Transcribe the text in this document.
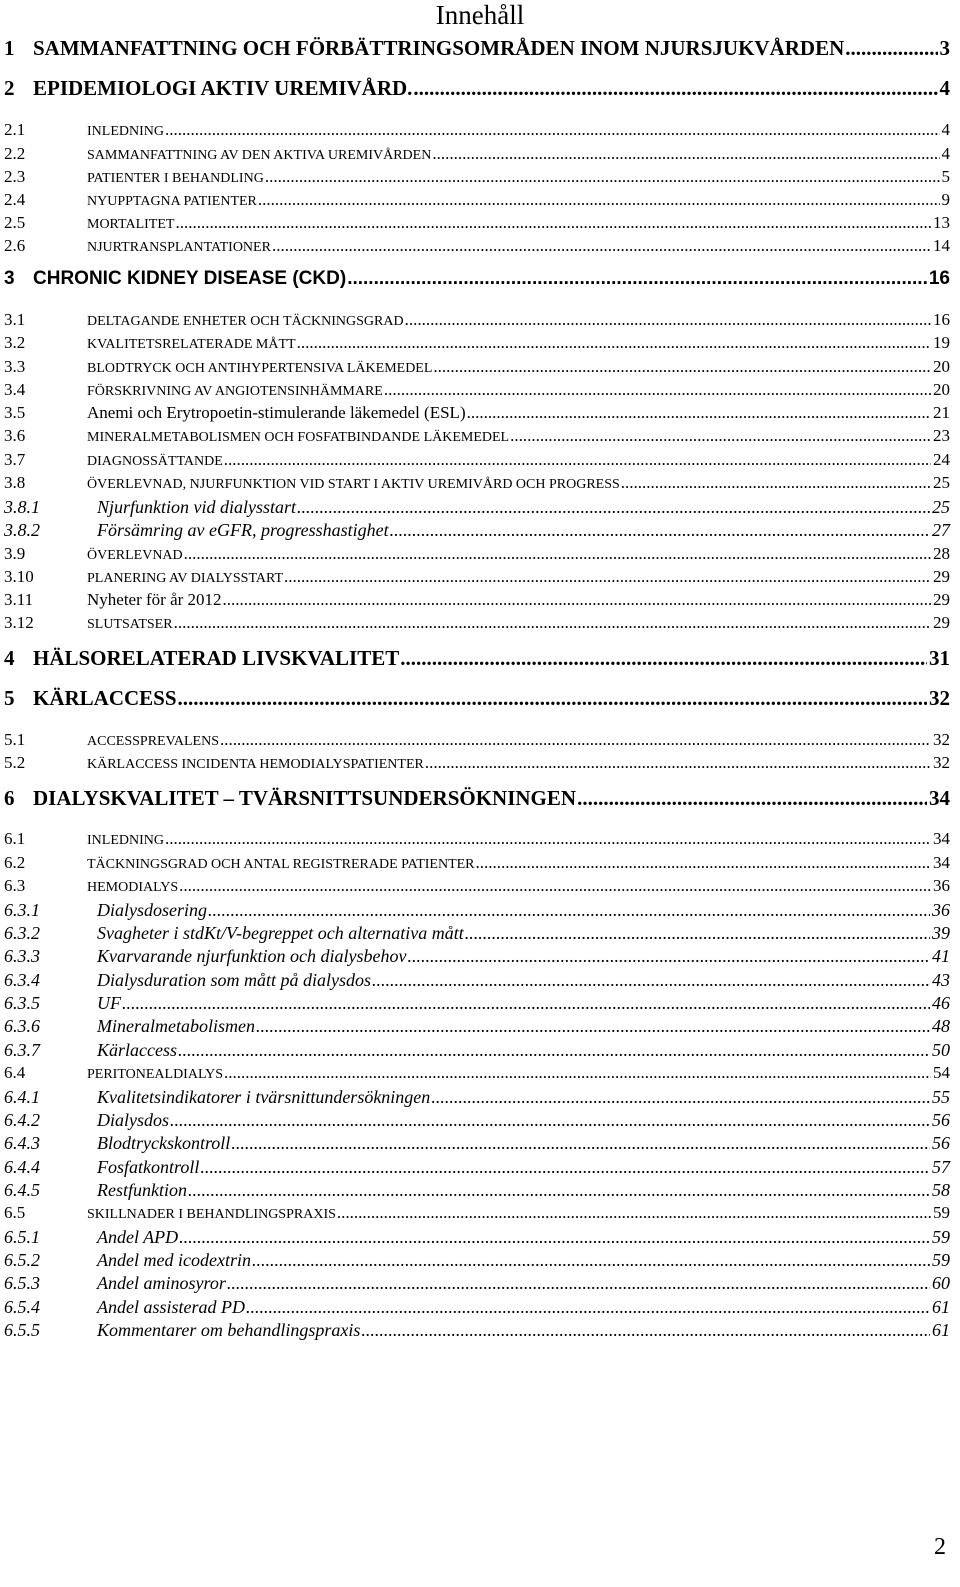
Innehåll
1 SAMMANFATTNING OCH FÖRBÄTTRINGSOMRÅDEN INOM NJURSJUKVÅRDEN .....	3
2 EPIDEMIOLOGI AKTIV UREMIVÅRD. .....	4
2.1	INLEDNING .....	4
2.2	SAMMANFATTNING AV DEN AKTIVA UREMIVÅRDEN .....	4
2.3	PATIENTER I BEHANDLING .....	5
2.4	NYUPPTAGNA PATIENTER .....	9
2.5	MORTALITET .....	13
2.6	NJURTRANSPLANTATIONER .....	14
3 CHRONIC KIDNEY DISEASE (CKD) .....	16
3.1	DELTAGANDE ENHETER OCH TÄCKNINGSGRAD .....	16
3.2	KVALITETSRELATERADE MÅTT .....	19
3.3	BLODTRYCK OCH ANTIHYPERTENSIVA LÄKEMEDEL .....	20
3.4	FÖRSKRIVNING AV ANGIOTENSINHÄMMARE .....	20
3.5	Anemi och Erytropoetin-stimulerande läkemedel (ESL) .....	21
3.6	MINERALMETABOLISMEN OCH FOSFATBINDANDE LÄKEMEDEL .....	23
3.7	DIAGNOSSÄTTANDE .....	24
3.8	ÖVERLEVNAD, NJURFUNKTION VID START I AKTIV UREMIVÅRD OCH PROGRESS .....	25
3.8.1	Njurfunktion vid dialysstart .....	25
3.8.2	Försämring av eGFR, progresshastighet .....	27
3.9	ÖVERLEVNAD .....	28
3.10	PLANERING AV DIALYSSTART .....	29
3.11	Nyheter för år 2012 .....	29
3.12	SLUTSATSER .....	29
4 HÄLSORELATERAD LIVSKVALITET .....	31
5 KÄRLACCESS .....	32
5.1	ACCESSPREVALENS .....	32
5.2	KÄRLACCESS INCIDENTA HEMODIALYSPATIENTER .....	32
6 DIALYSKVALITET – TVÄRSNITTSUNDERSÖKNINGEN .....	34
6.1	INLEDNING .....	34
6.2	TÄCKNINGSGRAD OCH ANTAL REGISTRERADE PATIENTER .....	34
6.3	HEMODIALYS .....	36
6.3.1	Dialysdosering .....	36
6.3.2	Svagheter i stdKt/V-begreppet och alternativa mått .....	39
6.3.3	Kvarvarande njurfunktion och dialysbehov .....	41
6.3.4	Dialysduration som mått på dialysdos .....	43
6.3.5	UF .....	46
6.3.6	Mineralmetabolismen .....	48
6.3.7	Kärlaccess .....	50
6.4	PERITONEALDIALYS .....	54
6.4.1	Kvalitetsindikatorer i tvärsnittundersökningen .....	55
6.4.2	Dialysdos .....	56
6.4.3	Blodtryckskontroll .....	56
6.4.4	Fosfatkontroll .....	57
6.4.5	Restfunktion .....	58
6.5	SKILLNADER I BEHANDLINGSPRAXIS .....	59
6.5.1	Andel APD .....	59
6.5.2	Andel med icodextrin .....	59
6.5.3	Andel aminosyror .....	60
6.5.4	Andel assisterad PD .....	61
6.5.5	Kommentarer om behandlingspraxis .....	61
2
